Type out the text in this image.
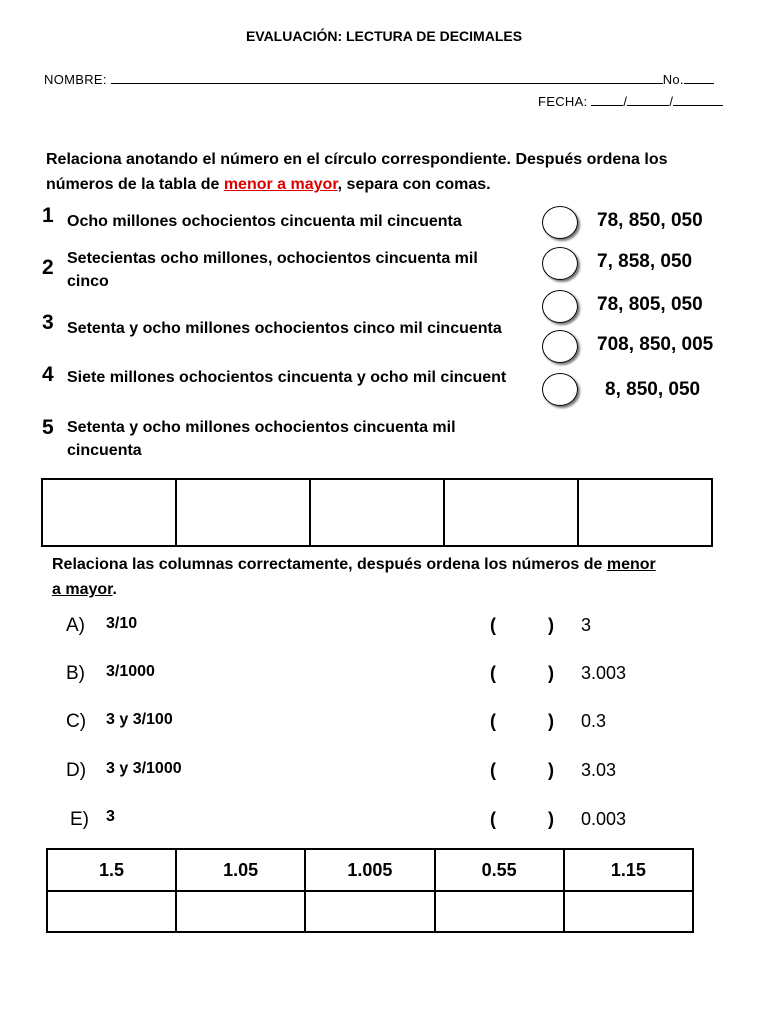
EVALUACIÓN: LECTURA DE DECIMALES
NOMBRE:	No.
FECHA:	/	/
Relaciona anotando el número en el círculo correspondiente. Después ordena los números de la tabla de menor a mayor, separa con comas.
1 Ocho millones ochocientos cincuenta mil cincuenta
2 Setecientas ocho millones, ochocientos cincuenta mil cinco
3 Setenta y ocho millones ochocientos cinco mil cincuenta
4 Siete millones ochocientos cincuenta y ocho mil cincuent
5 Setenta y ocho millones ochocientos cincuenta mil cincuenta
78, 850, 050
7, 858, 050
78, 805, 050
708, 850, 005
8, 850, 050

Relaciona las columnas correctamente, después ordena los números de menor
a mayor.
A) 3/10	(	) 3
B) 3/1000	(	) 3.003
C) 3 y 3/100	(	) 0.3
D) 3 y 3/1000	(	) 3.03
E) 3	(	) 0.003
1.5	1.05	1.005	0.55	1.15
